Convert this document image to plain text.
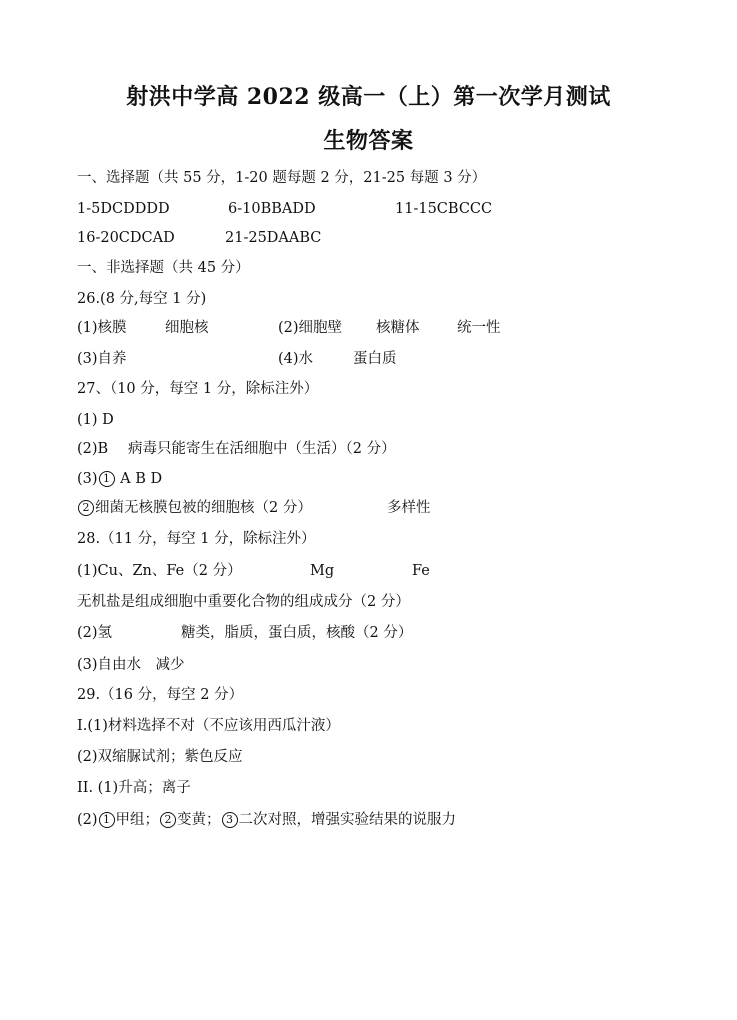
射洪中学高 2022 级高一（上）第一次学月测试
生物答案
一、选择题（共 55 分，1-20 题每题 2 分，21-25 每题 3 分）
1-5DCDDDD	6-10BBADD	11-15CBCCC
16-20CDCAD	21-25DAABC
一、非选择题（共 45 分）
26.(8 分,每空 1 分)
(1)核膜	细胞核	(2)细胞壁 核糖体	统一性
(3)自养	(4)水	蛋白质
27、（10 分，每空 1 分，除标注外）
(1) D
(2)B 病毒只能寄生在活细胞中（生活）（2 分）
(3) 1 A B D
2 细菌无核膜包被的细胞核（2 分）	多样性
28.（11 分，每空 1 分，除标注外）
(1)Cu、Zn、Fe（2 分）	Mg	Fe
无机盐是组成细胞中重要化合物的组成成分（2 分）
(2)氢	糖类，脂质，蛋白质，核酸（2 分）
(3)自由水　减少
29.（16 分，每空 2 分）
I.(1)材料选择不对（不应该用西瓜汁液）
(2)双缩脲试剂；紫色反应
II. (1)升高；离子
(2) 1 甲组； 2 变黄； 3 二次对照，增强实验结果的说服力
